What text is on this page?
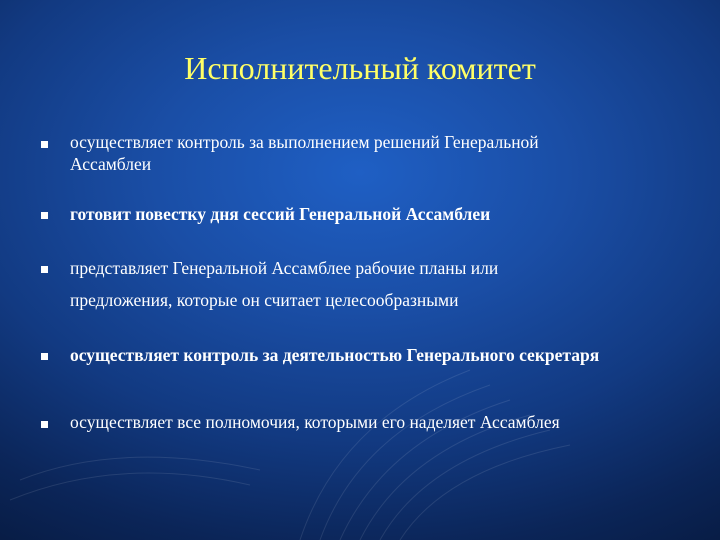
Исполнительный комитет
осуществляет контроль за выполнением решений Генеральной
Ассамблеи
готовит повестку дня сессий Генеральной Ассамблеи
представляет Генеральной Ассамблее рабочие планы или
предложения, которые он считает целесообразными
осуществляет контроль за деятельностью Генерального секретаря
осуществляет все полномочия, которыми его наделяет Ассамблея
